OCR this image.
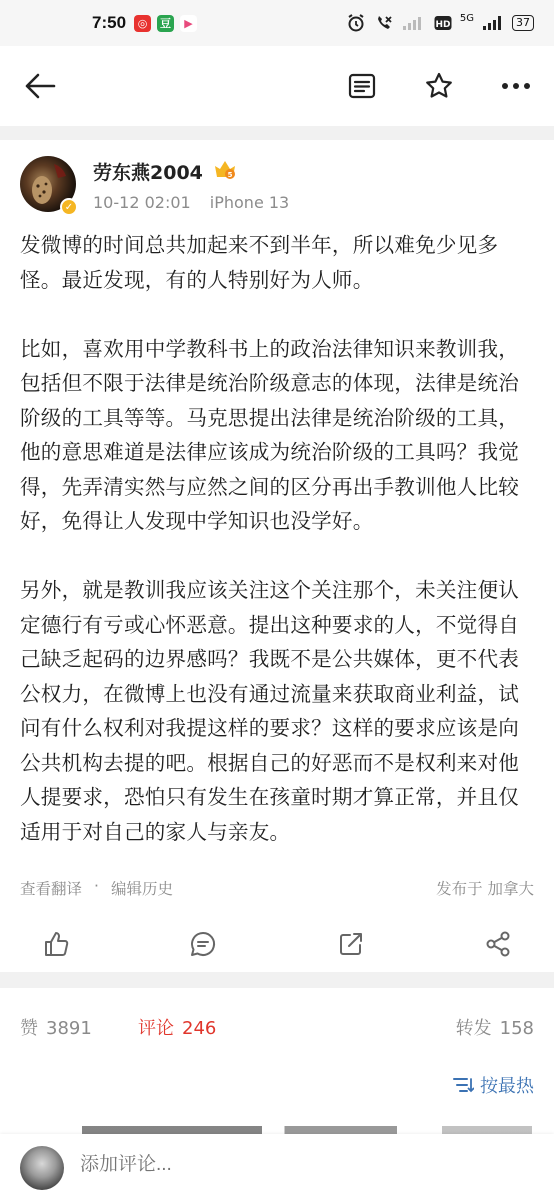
7:50	◎	豆	▶	HD
5G	37
✓
劳东燕2004	5
10-12 02:01 iPhone 13

发微博的时间总共加起来不到半年，所以难免少见多怪。最近发现，有的人特别好为人师。

比如，喜欢用中学教科书上的政治法律知识来教训我，包括但不限于法律是统治阶级意志的体现，法律是统治阶级的工具等等。马克思提出法律是统治阶级的工具，他的意思难道是法律应该成为统治阶级的工具吗？我觉得，先弄清实然与应然之间的区分再出手教训他人比较好，免得让人发现中学知识也没学好。

另外，就是教训我应该关注这个关注那个，未关注便认定德行有亏或心怀恶意。提出这种要求的人，不觉得自己缺乏起码的边界感吗？我既不是公共媒体，更不代表公权力，在微博上也没有通过流量来获取商业利益，试问有什么权利对我提这样的要求？这样的要求应该是向公共机构去提的吧。根据自己的好恶而不是权利来对他人提要求，恐怕只有发生在孩童时期才算正常，并且仅适用于对自己的家人与亲友。

查看翻译 · 编辑历史	发布于 加拿大
赞 3891	评论 246	转发 158
按最热
添加评论...
